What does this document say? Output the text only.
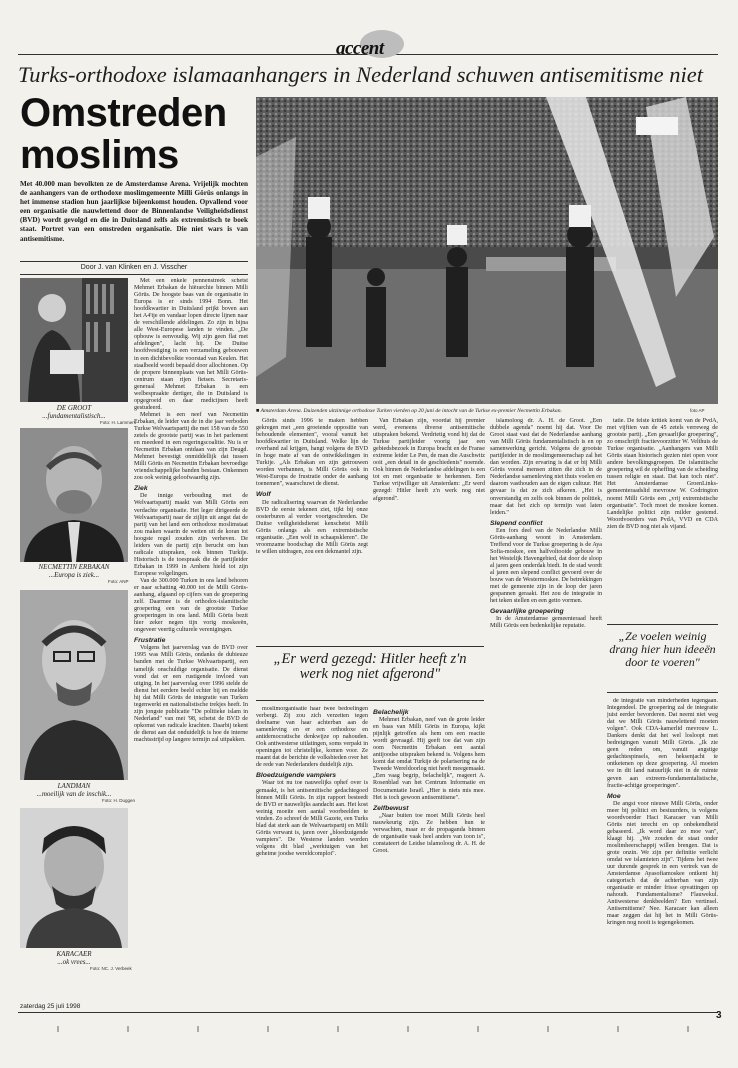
accent
Turks-orthodoxe islamaanhangers in Nederland schuwen antisemitisme niet
Omstreden moslims
Met 40.000 man bevolkten ze de Amsterdamse Arena. Vrijelijk mochten de aanhangers van de orthodoxe moslimgemeente Milli Görüs onlangs in het immense stadion hun jaarlijkse bijeenkomst houden. Opvallend voor een organisatie die nauwlettend door de Binnenlandse Veiligheidsdienst (BVD) wordt gevolgd en die in Duitsland zelfs als extremistisch te boek staat. Portret van een omstreden organisatie. Die niet wars is van antisemitisme.
Door J. van Klinken en J. Visscher
■ Amsterdam Arena. Duizenden uitzinnige orthodoxe Turken vierden op 20 juni de intocht van de Turkse ex-premier Necmettin Erbakan.	foto AP
DE GROOT
...fundamentalistisch...
Foto: H. Lammers
NECMETTIN ERBAKAN
...Europa is ziek...
Foto: ANP
LANDMAN
...moeilijk van de inschik...
Foto: H. Duggen
KARACAER
...ok vrees...
Foto: NC. J. Verbeek

Met een enkele pennenstreek schetst Mehmet Erbakan de hiërarchie binnen Milli Görüs. De hoogste baas van de organisatie in Europa is er sinds 1994 Bonn. Het hoofdkwartier in Duitsland prijkt boven aan het A4'tje en vandaar lopen directe lijnen naar de verschillende afdelingen. Zo zijn in bijna alle West-Europese landen te vinden. „De opbouw is eenvoudig. Wij zijn geen flat met afdelingen", lacht hij. De Duitse hoofdvestiging is een verzameling gebouwen in een dichtbevolkte voorstad van Keulen. Het staalbeeld wordt bepaald door allochtonen. Op de propere binnenplaats van het Milli Görüs-centrum staan rijen fietsen. Secretaris-generaal Mehmet Erbakan is een welbespraakte dertiger, die in Duitsland is opgegroeid en daar medicijnen heeft gestudeerd.

Mehmet is een neef van Necmettin Erbakan, de leider van de in die jaar verboden Turkse Welvaartspartij die met 158 van de 550 zetels de grootste partij was in het parlement en meedeed in een regeringscoalitie. Nu is er Necmettin Erbakan ontdaan van zijn Deugd. Mehmet bevestigt onmiddellijk dat tussen Milli Görüs en Necmettin Erbakan bevroedige vriendschappelijke banden bestaan. Onkennen zou ook weinig geloofwaardig zijn.

Ziek

De innige verbouding met de Welvaartspartij maakt van Milli Görüs een verdachte organisatie. Het leger dirigeerde de Welvaartspartij naar de zijlijn uit angst dat de partij van het land een orthodoxe moslimstaat zou maken waarin de wetten uit de koran tot hoogste regel zouden zijn verheven. De leiders van de partij zijn berucht om hun radicale uitspraken, ook binnen Turkije. Historisch is de toespraak die de partijleider Erbakan in 1999 in Arnhem hield tot zijn Europese volgelingen.

Van de 300.000 Turken in ons land behoren er naar schatting 40.000 tot de Milli Görüs-aanhang, afgaand op cijfers van de groepering zelf. Daarmee is de orthodox-islamitische groepering een van de grootste Turkse groeperingen in ons land. Milli Görüs bezit hier zeker negen tijn vorig moskeeën, ongeveer veertig culturele verenigingen.

Frustratie

Volgens het jaarverslag van de BVD over 1995 was Milli Görüs, ondanks de dubieuze banden met de Turkse Welvaartspartij, een tamelijk onschuldige organisatie. De dienst vond dat er een rustigende invloed van uitging. In het jaarverslag over 1996 stelde de dienst het eerdere beeld echter bij en meldde hij dat Milli Görüs de integratie van Turken tegenwerkt en nationalistische trekjes heeft. In zijn jongste publicatie "De politieke islam in Nederland" van mei '98, schetst de BVD de opkomst van radicale krachten. Daarbij tekent de dienst aan dat onduidelijk is hoe de interne machtsstrijd op langere termijn zal uitpakken.

Görüs sinds 1996 te maken hebben gekregen met „een groeiende oppositie van behoudende elementen", vooral vanuit het hoofdkwartier in Duitsland. Welke lijn de overhand zal krijgen, hangt volgens de BVD in hoge mate af van de ontwikkelingen in Turkije. „Als Erbakan en zijn getrouwen worden verbannen, is Milli Görüs ook in West-Europa de frustratie onder de aanhang toenemen", waarschuwt de dienst.

Wolf

De radicalisering waarvan de Nederlandse BVD de eerste tekenen ziet, tijkt bij onze oosterburen al verder voortgeschreden. De Duitse veiligheidsdienst kenschetst Milli Görüs onlangs als een extremistische organisatie. „Een wolf in schaapskleren". De vroomzame boodschap die Milli Görüs zegt te willen uitdragen, zou een dekmantel zijn.

„Er werd gezegd: Hitler heeft z'n werk nog niet afgerond"

moslimorganisatie haar twee bedoelingen verbergt. Zij zou zich verzetten tegen doelname van haar achterban aan de samenleving en er een orthodoxe en antidemocratische denkwijze op nahouden. Ook antiwesterse uitlatingen, soms verpakt in openingen tot christelijke, komen voor. Ze maant dat de berichte de volksbieden over het de rede van Nederlanders duidelijk zijn.

Bloedzuigende vampiers

Waar tot nu toe nauwelijks ophef over is gemaakt, is het antisemitische gedachtegoed binnen Milli Görüs. In zijn rapport besteedt de BVD er nauwelijks aandacht aan. Het kost weinig moeite een aantal voorbeelden te vinden. Zo schreef de Milli Gazete, een Turks blad dat sterk aan de Welvaartspartij en Milli Görüs verwant is, jaren over „bloedzuigende vampiers". De Westerse landen worden volgens dit blad „werktuigen van het geheime joodse wereldcomplot".

Van Erbakan zijn, voordat hij premier werd, eveneens diverse antisemitische uitspraken bekend. Verdrietig vond hij dat de Turkse partijleider voorig jaar een gebiedsbezoek in Europa bracht en de Franse extreme leider Le Pen, de man die Auschwitz ooit „een detail in de geschiedenis" noemde. Ook binnen de Nederlandse afdelingen is een tot en met organisatie te herkennen. Een Turkse vrijwilliger uit Amsterdam: „Er werd gezegd: Hitler heeft z'n werk nog niet afgerond".

Belachelijk

Mehmet Erbakan, neef van de grote leider en baas van Milli Görüs in Europa, kijkt pijnlijk getroffen als hem om een reactie wordt gevraagd. Hij geeft toe dat van zijn oom Necmettin Erbakan een aantal antijoodse uitspraken bekend is. Volgens hem komt dat omdat Turkije de polarisering na de Tweede Wereldoorlog niet heeft meegemaakt. „Een vaag begrip, belachelijk", reageert A. Rosenblad van het Centrum Informatie en Documentatie Israël. „Hier is niets mis mee. Het is toch gewoon antisemitisme".

Zelfbewust

„Naar buiten toe moet Milli Görüs heel nauwkeurig zijn. Ze hebben hun te verwachten, maar er de propaganda binnen de organisatie vaak heel anders van toon is", constateert de Leidse islamoloog dr. A. H. de Groot.

islamoloog dr. A. H. de Groot. „Een dubbele agenda" noemt hij dat. Voor De Groot staat vast dat de Nederlandse aanhang van Milli Görüs fundamentalistisch is en op samenwerking gericht. Volgens de grootste partijleider in de moslimgemeenschap zal het dan worden. Zijn ervaring is dat er bij Milli Görüs vooral mensen zitten die zich in de Nederlandse samenleving niet thuis voelen en daarom vasthouden aan de eigen cultuur. Het gevaar is dat ze zich afkeren. „Het is onverstandig en zelfs ook binnen de politiek, maar dat het zich op termijn vast laten leiden."

Slepend conflict

Een fors deel van de Nederlandse Milli Görüs-aanhang woont in Amsterdam. Treffend voor de Turkse groepering is de Aya Sofia-moskee, een halfvoltooide gebouw in het Westelijk Havengebied, dat door de sloop al jaren geen onderdak biedt. In de stad wordt al jaren een slepend conflict gevoerd over de bouw van de Westermoskee. De betrekkingen met de gemeente zijn in de loop der jaren gespannen geraakt. Het zou de integratie in het teken stellen en een getto vormen.

Gevaarlijke groepering

In de Amsterdamse gemeenteraad heeft Milli Görüs een bedenkelijke reputatie.

tatie. De felste kritiek komt van de PvdA, met vijftien van de 45 zetels verreweg de grootste partij. „Een gevaarlijke groepering", zo omschrijft fractievoorzitter W. Velthuis de Turkse organisatie. „Aanhangers van Milli Görüs staan historisch gezien niet open voor andere bevolkingsgroepen. De islamitische groepering wil de opheffing van de scheiding tussen religie en staat. Dat kan toch niet". Het Amsterdamse GroenLinks-gemeenteraadslid mevrouw W. Codrington noemt Milli Görüs een „vrij extremistische organisatie". Toch moet de moskee komen. Landelijke politici zijn milder gestemd. Woordvoerders van PvdA, VVD en CDA zien de BVD nog niet als vijand.

„Ze voelen weinig drang hier hun ideeën door te voeren"

de integratie van minderheden tegengaan. Integendeel. De groepering zal de integratie juist eerder bevorderen. Dat neemt niet weg dat we Milli Görüs nauwlettend moeten volgen". Ook CDA-kamerlid mevrouw L. Dankers denkt dat het wel losloopt met bedreigingen vanuit Milli Görüs. „Ik zie geen reden om, vanuit angstige gedachtespinsels, een heksenjacht te ontketenen op deze groepering. Al moeten we in dit land natuurlijk niet in de ruimte geven aan extreem-fundamentalistische, fractie-achtige groeperingen".

Moe

De angst voor nieuwe Milli Görüs, onder meer bij politici en bestuurders, is volgens woordvoerder Haci Karacaer van Milli Görüs niet terecht en op onbekendheid gebaseerd. „Ik word daar zo moe van", klaagt hij. „We zouden de staat onder moslimheerschappij willen brengen. Dat is grote onzin. We zijn per definitie verlicht omdat we islamieten zijn". Tijdens het twee uur durende gesprek in een vertrek van de Amsterdamse Ayasofiamoskee ontkent hij categorisch dat de achterban van zijn organisatie er minder frisse opvattingen op nahoudt. Fundamentalisme? Flauwekul. Antiwesterse denkbeelden? Een vertinsel. Antisemitisme? Nee. Karacaer kan alleen maar zeggen dat hij het in Milli Görüs-kringen nog nooit is tegengekomen.

zaterdag 25 juli 1998
3
